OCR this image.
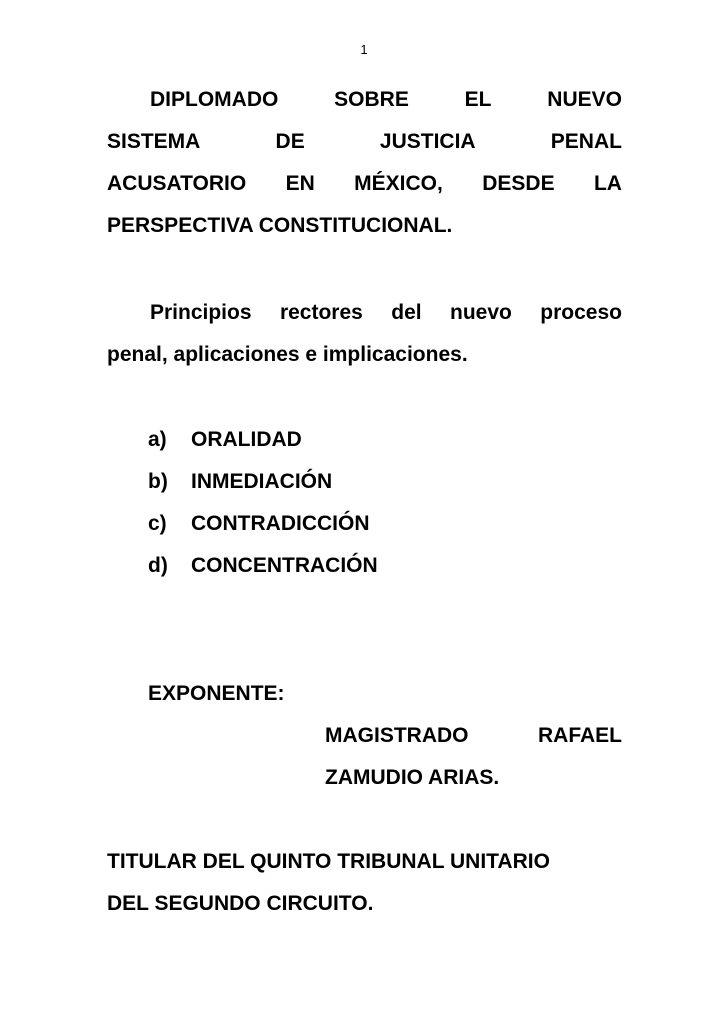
1
DIPLOMADO	SOBRE	EL	NUEVO
SISTEMA	DE	JUSTICIA	PENAL
ACUSATORIO EN MÉXICO, DESDE LA
PERSPECTIVA CONSTITUCIONAL.
Principios rectores del nuevo proceso
penal, aplicaciones e implicaciones.
a)	ORALIDAD
b)	INMEDIACIÓN
c)	CONTRADICCIÓN
d)	CONCENTRACIÓN
EXPONENTE:
MAGISTRADO	RAFAEL
ZAMUDIO ARIAS.
TITULAR DEL QUINTO TRIBUNAL UNITARIO
DEL SEGUNDO CIRCUITO.
